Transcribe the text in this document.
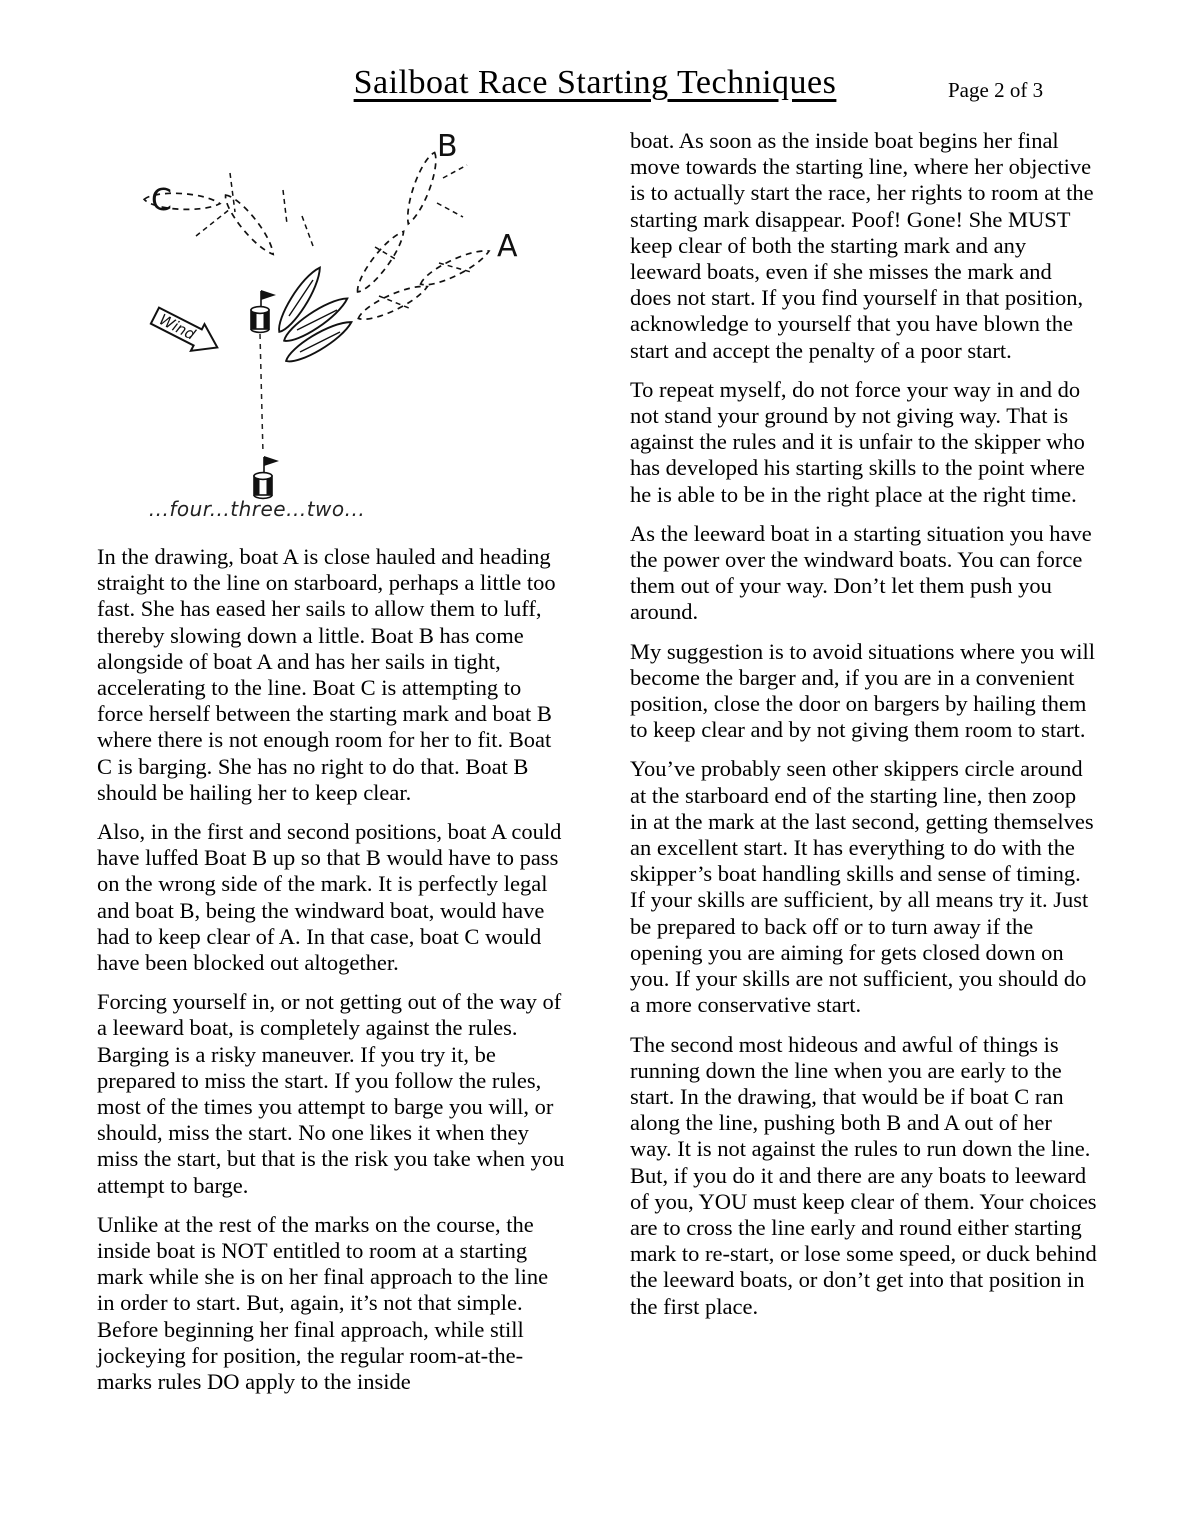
Sailboat Race Starting Techniques	Page 2 of 3
Wind
B
C
A
...four...three...two...

In the drawing, boat A is close hauled and heading straight to the line on starboard, perhaps a little too fast. She has eased her sails to allow them to luff, thereby slowing down a little. Boat B has come alongside of boat A and has her sails in tight, accelerating to the line. Boat C is attempting to force herself between the starting mark and boat B where there is not enough room for her to fit. Boat C is barging. She has no right to do that. Boat B should be hailing her to keep clear.

Also, in the first and second positions, boat A could have luffed Boat B up so that B would have to pass on the wrong side of the mark. It is perfectly legal and boat B, being the windward boat, would have had to keep clear of A. In that case, boat C would have been blocked out altogether.

Forcing yourself in, or not getting out of the way of a leeward boat, is completely against the rules. Barging is a risky maneuver. If you try it, be prepared to miss the start. If you follow the rules, most of the times you attempt to barge you will, or should, miss the start. No one likes it when they miss the start, but that is the risk you take when you attempt to barge.

Unlike at the rest of the marks on the course, the inside boat is NOT entitled to room at a starting mark while she is on her final approach to the line in order to start. But, again, it’s not that simple. Before beginning her final approach, while still jockeying for position, the regular room-at-the-marks rules DO apply to the inside

boat. As soon as the inside boat begins her final move towards the starting line, where her objective is to actually start the race, her rights to room at the starting mark disappear. Poof! Gone! She MUST keep clear of both the starting mark and any leeward boats, even if she misses the mark and does not start. If you find yourself in that position, acknowledge to yourself that you have blown the start and accept the penalty of a poor start.

To repeat myself, do not force your way in and do not stand your ground by not giving way. That is against the rules and it is unfair to the skipper who has developed his starting skills to the point where he is able to be in the right place at the right time.

As the leeward boat in a starting situation you have the power over the windward boats. You can force them out of your way. Don’t let them push you around.

My suggestion is to avoid situations where you will become the barger and, if you are in a convenient position, close the door on bargers by hailing them to keep clear and by not giving them room to start.

You’ve probably seen other skippers circle around at the starboard end of the starting line, then zoop in at the mark at the last second, getting themselves an excellent start. It has everything to do with the skipper’s boat handling skills and sense of timing. If your skills are sufficient, by all means try it. Just be prepared to back off or to turn away if the opening you are aiming for gets closed down on you. If your skills are not sufficient, you should do a more conservative start.

The second most hideous and awful of things is running down the line when you are early to the start. In the drawing, that would be if boat C ran along the line, pushing both B and A out of her way. It is not against the rules to run down the line. But, if you do it and there are any boats to leeward of you, YOU must keep clear of them. Your choices are to cross the line early and round either starting mark to re-start, or lose some speed, or duck behind the leeward boats, or don’t get into that position in the first place.
